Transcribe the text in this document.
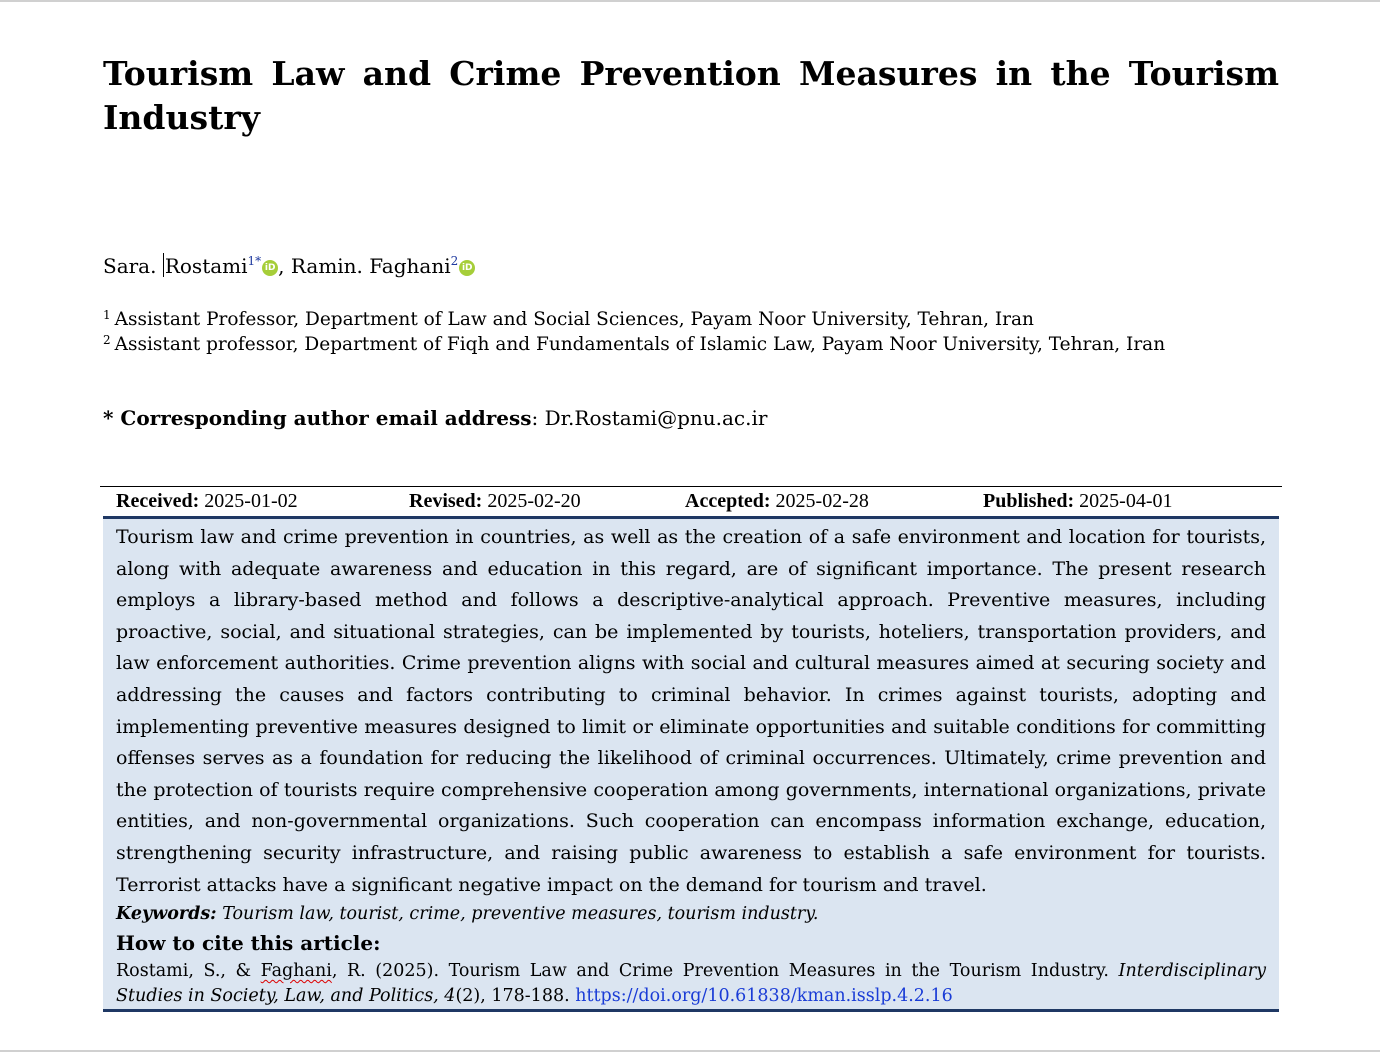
Tourism Law and Crime Prevention Measures in the Tourism Industry
Sara. Rostami$^{1*}$ iD , Ramin. Faghani$^2$ iD
$^1$ Assistant Professor, Department of Law and Social Sciences, Payam Noor University, Tehran, Iran
$^2$ Assistant professor, Department of Fiqh and Fundamentals of Islamic Law, Payam Noor University, Tehran, Iran
* Corresponding author email address: Dr.Rostami@pnu.ac.ir
Received: 2025-01-02	Revised: 2025-02-20	Accepted: 2025-02-28	Published: 2025-04-01
Tourism law and crime prevention in countries, as well as the creation of a safe environment and location for tourists, along with adequate awareness and education in this regard, are of significant importance. The present research employs a library-based method and follows a descriptive-analytical approach. Preventive measures, including proactive, social, and situational strategies, can be implemented by tourists, hoteliers, transportation providers, and law enforcement authorities. Crime prevention aligns with social and cultural measures aimed at securing society and addressing the causes and factors contributing to criminal behavior. In crimes against tourists, adopting and implementing preventive measures designed to limit or eliminate opportunities and suitable conditions for committing offenses serves as a foundation for reducing the likelihood of criminal occurrences. Ultimately, crime prevention and the protection of tourists require comprehensive cooperation among governments, international organizations, private entities, and non-governmental organizations. Such cooperation can encompass information exchange, education, strengthening security infrastructure, and raising public awareness to establish a safe environment for tourists. Terrorist attacks have a significant negative impact on the demand for tourism and travel.
Keywords: Tourism law, tourist, crime, preventive measures, tourism industry.
How to cite this article:
Rostami, S., & Faghani, R. (2025). Tourism Law and Crime Prevention Measures in the Tourism Industry. Interdisciplinary Studies in Society, Law, and Politics, 4(2), 178-188. https://doi.org/10.61838/kman.isslp.4.2.16
